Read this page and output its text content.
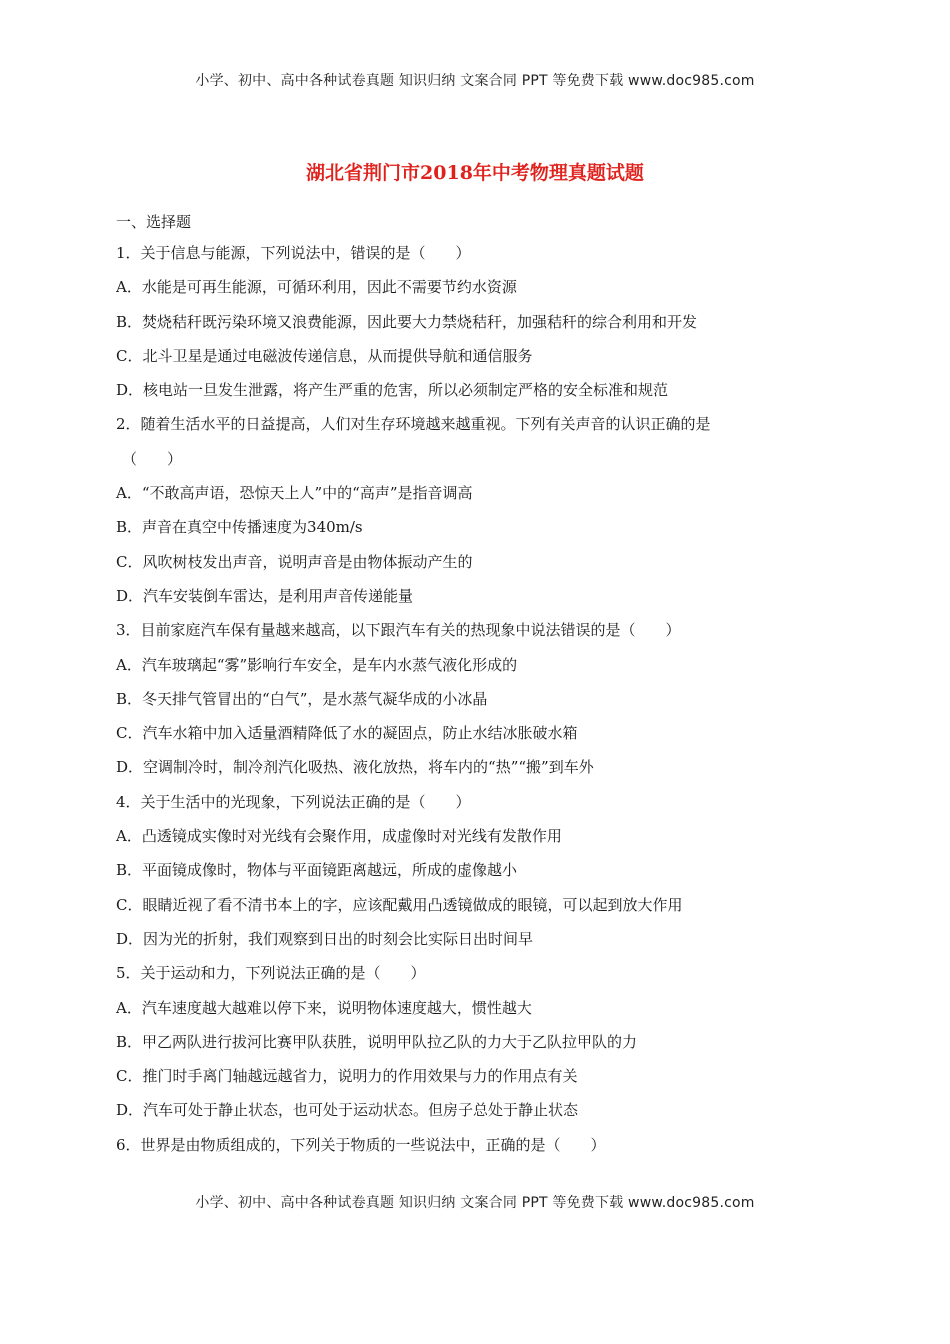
小学、初中、高中各种试卷真题 知识归纳 文案合同 PPT 等免费下载 www.doc985.com
湖北省荆门市2018年中考物理真题试题
一、选择题
1．关于信息与能源，下列说法中，错误的是（　　）
A．水能是可再生能源，可循环利用，因此不需要节约水资源
B．焚烧秸秆既污染环境又浪费能源，因此要大力禁烧秸秆，加强秸秆的综合利用和开发
C．北斗卫星是通过电磁波传递信息，从而提供导航和通信服务
D．核电站一旦发生泄露，将产生严重的危害，所以必须制定严格的安全标准和规范
2．随着生活水平的日益提高，人们对生存环境越来越重视。下列有关声音的认识正确的是
（　　）
A．“不敢高声语，恐惊天上人”中的“高声”是指音调高
B．声音在真空中传播速度为340m/s
C．风吹树枝发出声音，说明声音是由物体振动产生的
D．汽车安装倒车雷达，是利用声音传递能量
3．目前家庭汽车保有量越来越高，以下跟汽车有关的热现象中说法错误的是（　　）
A．汽车玻璃起“雾”影响行车安全，是车内水蒸气液化形成的
B．冬天排气管冒出的“白气”，是水蒸气凝华成的小冰晶
C．汽车水箱中加入适量酒精降低了水的凝固点，防止水结冰胀破水箱
D．空调制冷时，制冷剂汽化吸热、液化放热，将车内的“热”“搬”到车外
4．关于生活中的光现象，下列说法正确的是（　　）
A．凸透镜成实像时对光线有会聚作用，成虚像时对光线有发散作用
B．平面镜成像时，物体与平面镜距离越远，所成的虚像越小
C．眼睛近视了看不清书本上的字，应该配戴用凸透镜做成的眼镜，可以起到放大作用
D．因为光的折射，我们观察到日出的时刻会比实际日出时间早
5．关于运动和力，下列说法正确的是（　　）
A．汽车速度越大越难以停下来，说明物体速度越大，惯性越大
B．甲乙两队进行拔河比赛甲队获胜，说明甲队拉乙队的力大于乙队拉甲队的力
C．推门时手离门轴越远越省力，说明力的作用效果与力的作用点有关
D．汽车可处于静止状态，也可处于运动状态。但房子总处于静止状态
6．世界是由物质组成的，下列关于物质的一些说法中，正确的是（　　）
小学、初中、高中各种试卷真题 知识归纳 文案合同 PPT 等免费下载 www.doc985.com
